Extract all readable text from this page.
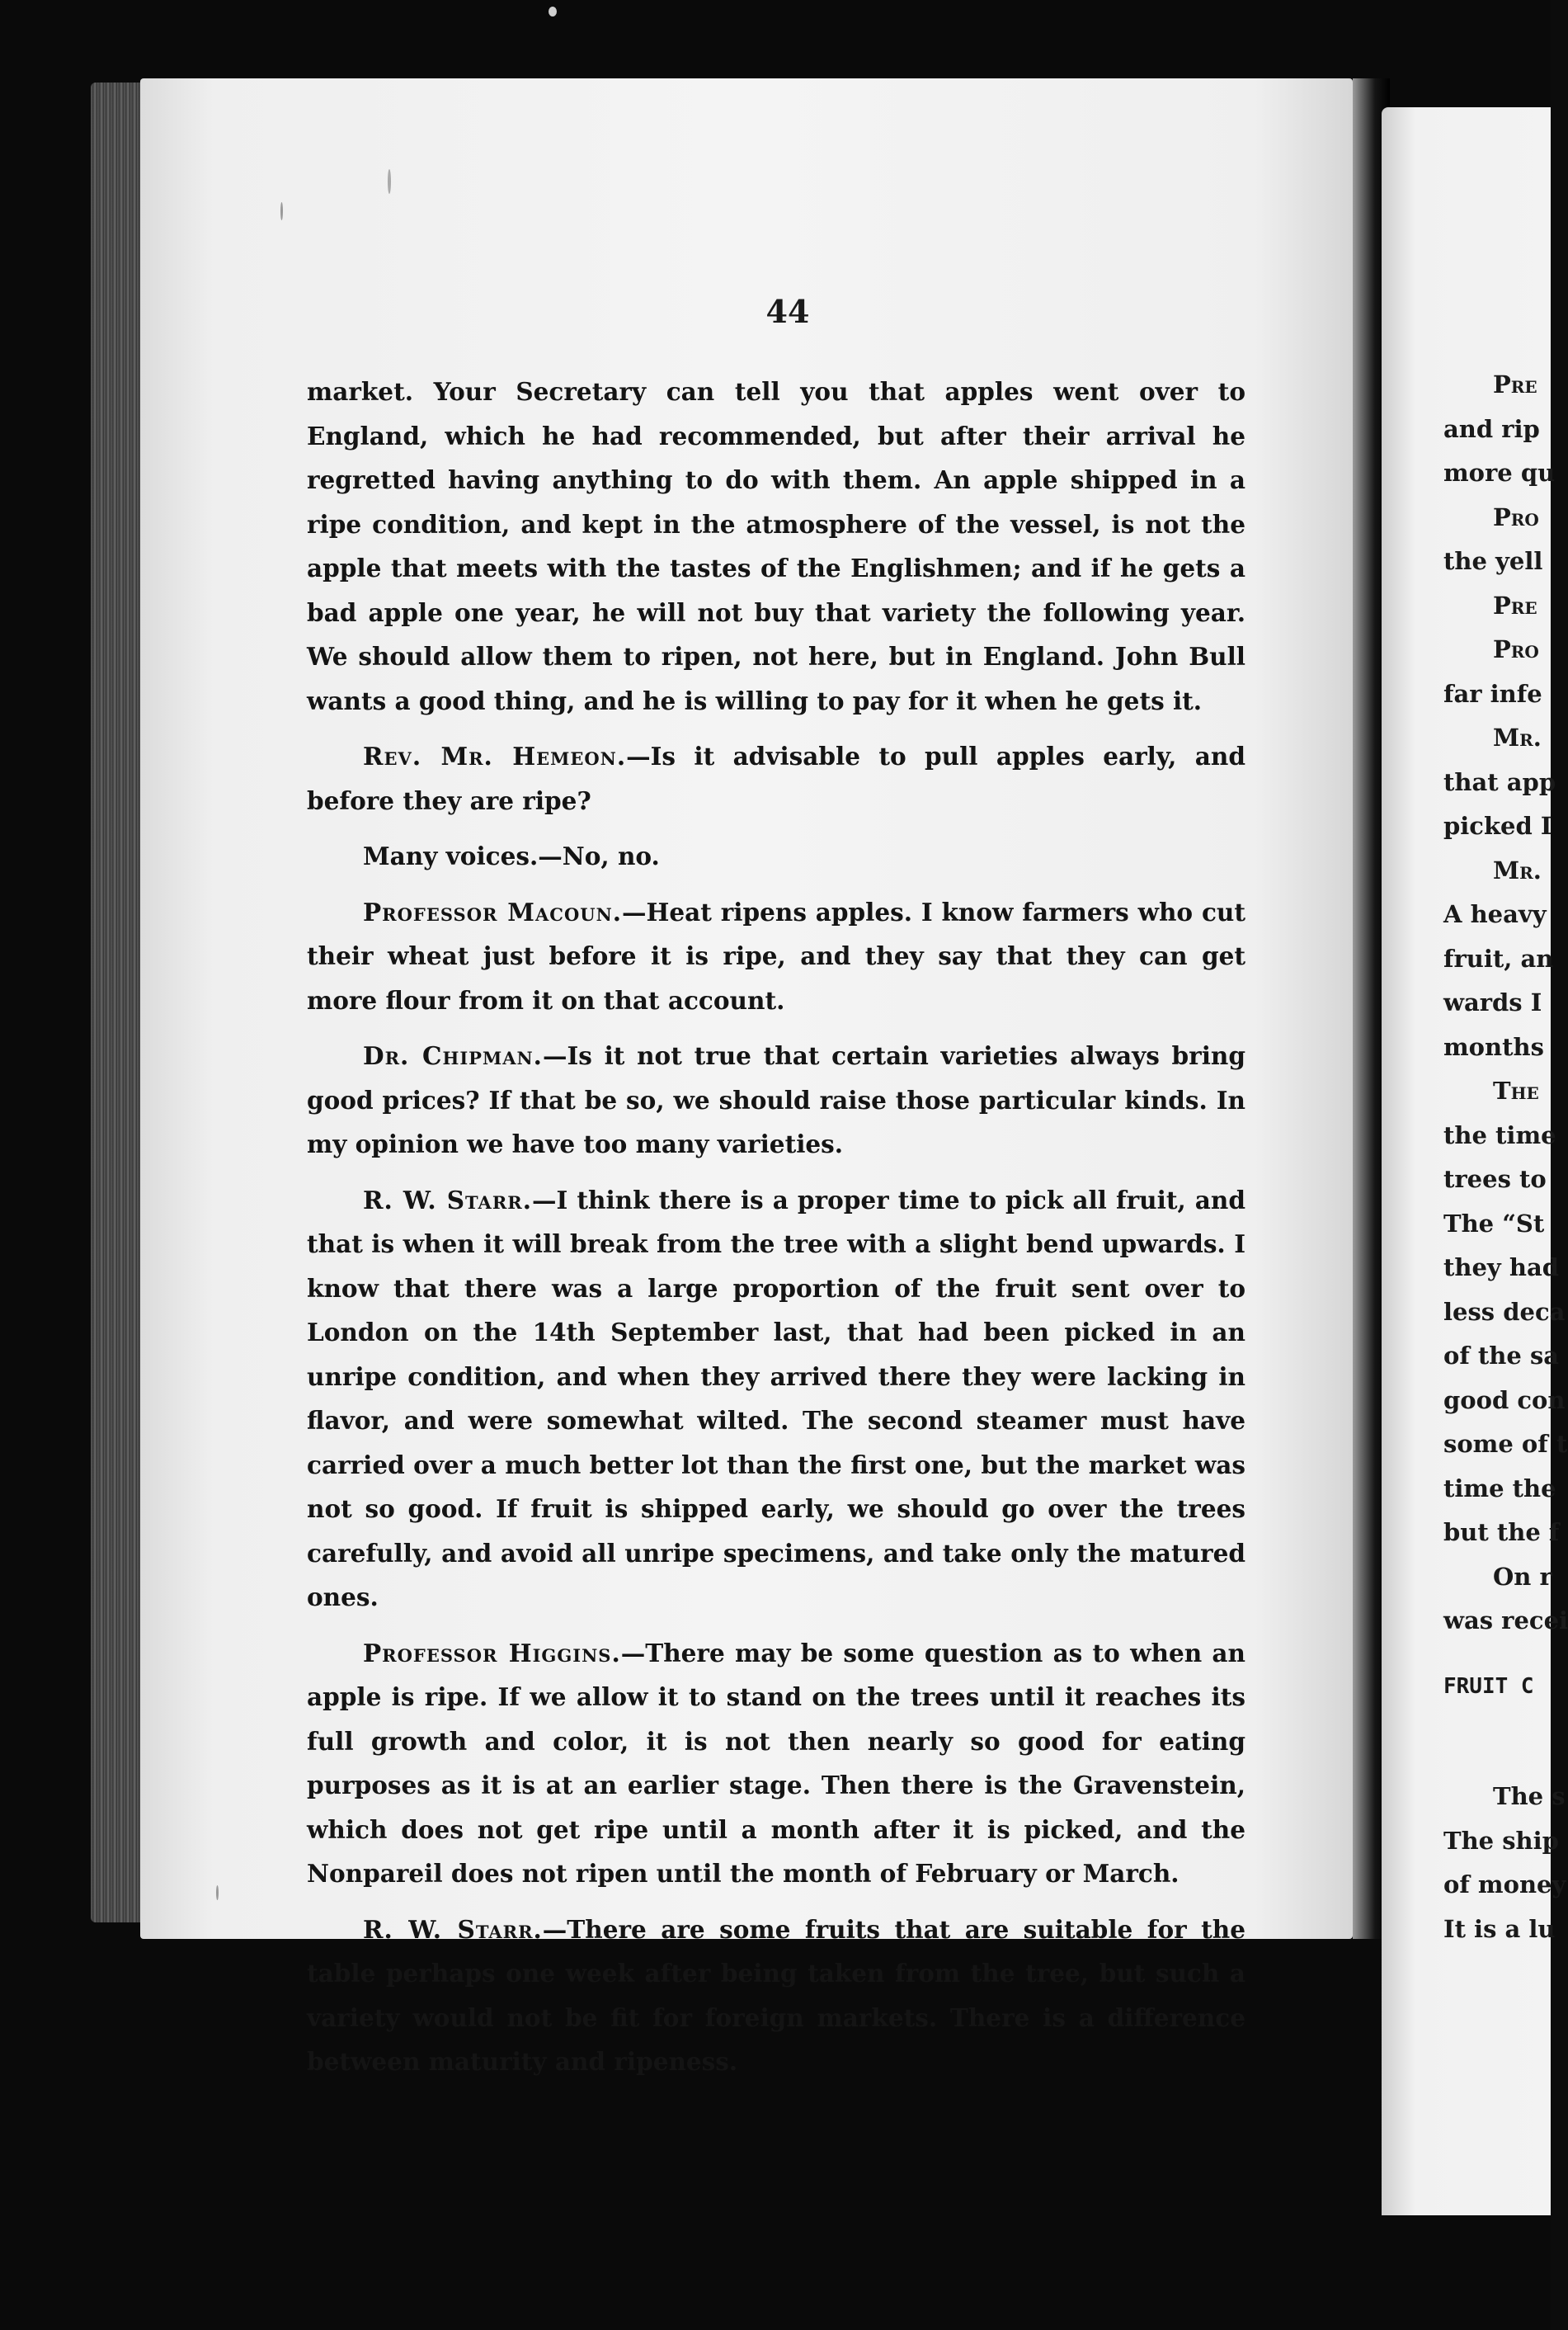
44

market. Your Secretary can tell you that apples went over to England, which he had recommended, but after their arrival he regretted having anything to do with them. An apple shipped in a ripe condition, and kept in the atmosphere of the vessel, is not the apple that meets with the tastes of the Englishmen; and if he gets a bad apple one year, he will not buy that variety the following year. We should allow them to ripen, not here, but in England. John Bull wants a good thing, and he is willing to pay for it when he gets it.

Rev. Mr. Hemeon.—Is it advisable to pull apples early, and before they are ripe?

Many voices.—No, no.

Professor Macoun.—Heat ripens apples. I know farmers who cut their wheat just before it is ripe, and they say that they can get more flour from it on that account.

Dr. Chipman.—Is it not true that certain varieties always bring good prices? If that be so, we should raise those particular kinds. In my opinion we have too many varieties.

R. W. Starr.—I think there is a proper time to pick all fruit, and that is when it will break from the tree with a slight bend upwards. I know that there was a large proportion of the fruit sent over to London on the 14th September last, that had been picked in an unripe condition, and when they arrived there they were lacking in flavor, and were somewhat wilted. The second steamer must have carried over a much better lot than the first one, but the market was not so good. If fruit is shipped early, we should go over the trees carefully, and avoid all unripe specimens, and take only the matured ones.

Professor Higgins.—There may be some question as to when an apple is ripe. If we allow it to stand on the trees until it reaches its full growth and color, it is not then nearly so good for eating purposes as it is at an earlier stage. Then there is the Gravenstein, which does not get ripe until a month after it is picked, and the Nonpareil does not ripen until the month of February or March.

R. W. Starr.—There are some fruits that are suitable for the table perhaps one week after being taken from the tree, but such a variety would not be fit for foreign markets. There is a difference between maturity and ripeness.

Pre
and rip
more qu
Pro
the yell
Pre
Pro
far infe
Mr.
that app
picked I
Mr.
A heavy
fruit, an
wards I
months
The
the time
trees to
The “St
they had
less deca
of the sa
good con
some of t
time the
but the f
On r
was recei
FRUIT C
The s
The ship
of money
It is a lu
